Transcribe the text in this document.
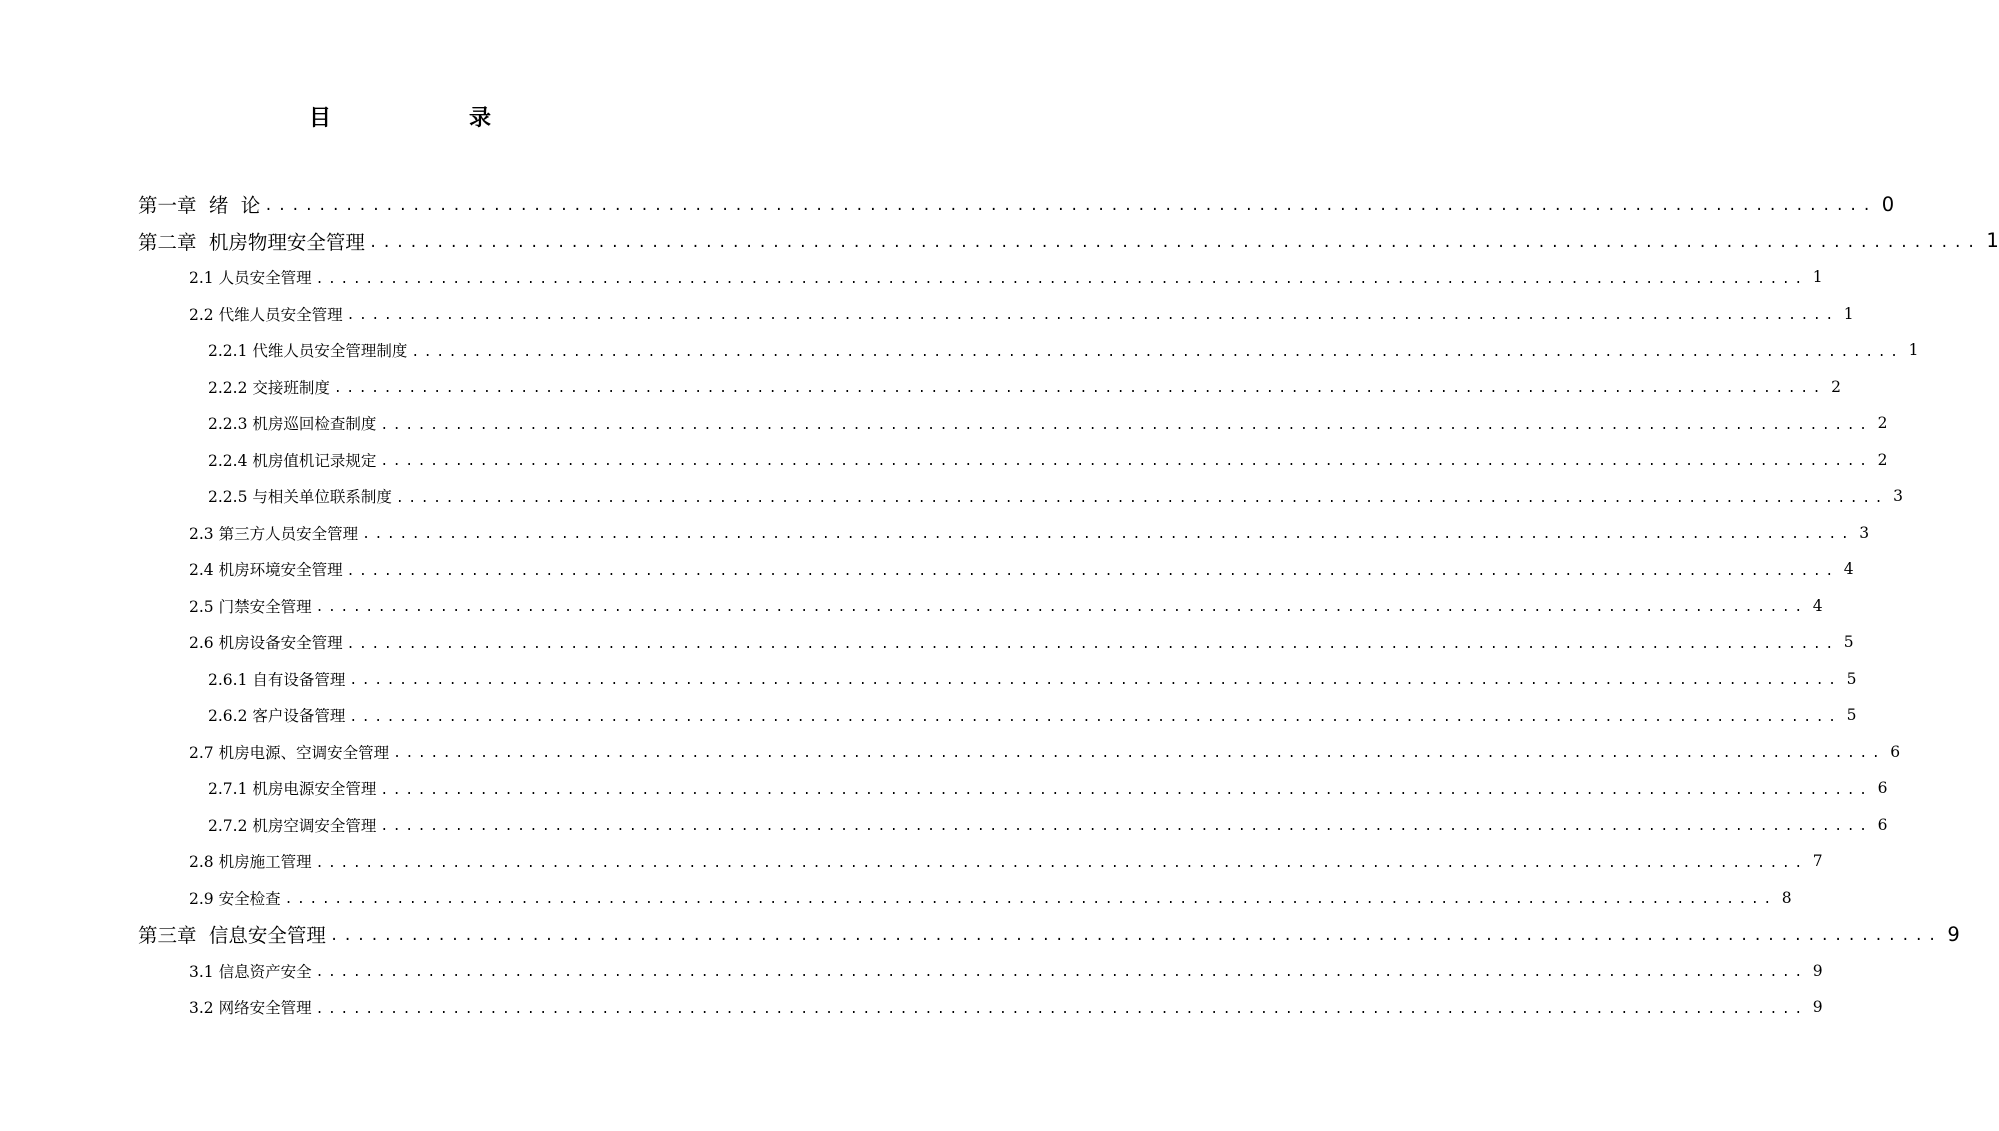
目　录
第一章  绪  论 ........................................................................................................................ 0
第二章  机房物理安全管理 ........................................................................................................................ 1
2.1 人员安全管理 ........................................................................................................................ 1
2.2 代维人员安全管理 ........................................................................................................................ 1
2.2.1 代维人员安全管理制度 ........................................................................................................................ 1
2.2.2 交接班制度 ........................................................................................................................ 2
2.2.3 机房巡回检查制度 ........................................................................................................................ 2
2.2.4 机房值机记录规定 ........................................................................................................................ 2
2.2.5 与相关单位联系制度 ........................................................................................................................ 3
2.3 第三方人员安全管理 ........................................................................................................................ 3
2.4 机房环境安全管理 ........................................................................................................................ 4
2.5 门禁安全管理 ........................................................................................................................ 4
2.6 机房设备安全管理 ........................................................................................................................ 5
2.6.1 自有设备管理 ........................................................................................................................ 5
2.6.2 客户设备管理 ........................................................................................................................ 5
2.7 机房电源、空调安全管理 ........................................................................................................................ 6
2.7.1 机房电源安全管理 ........................................................................................................................ 6
2.7.2 机房空调安全管理 ........................................................................................................................ 6
2.8 机房施工管理 ........................................................................................................................ 7
2.9 安全检查 ........................................................................................................................ 8
第三章  信息安全管理 ........................................................................................................................ 9
3.1 信息资产安全 ........................................................................................................................ 9
3.2 网络安全管理 ........................................................................................................................ 9
